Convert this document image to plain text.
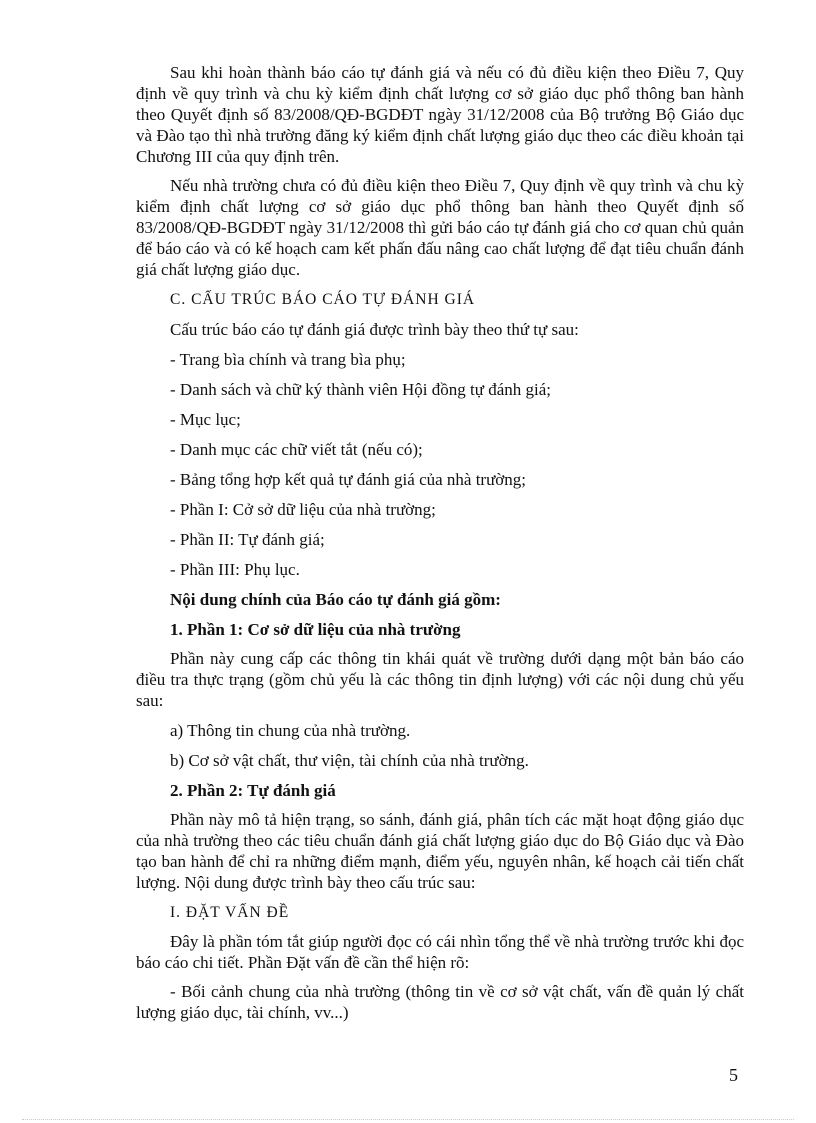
Sau khi hoàn thành báo cáo tự đánh giá và nếu có đủ điều kiện theo Điều 7, Quy định về quy trình và chu kỳ kiểm định chất lượng cơ sở giáo dục phổ thông ban hành theo Quyết định số 83/2008/QĐ-BGDĐT ngày 31/12/2008 của Bộ trưởng Bộ Giáo dục và Đào tạo thì nhà trường đăng ký kiểm định chất lượng giáo dục theo các điều khoản tại Chương III của quy định trên.

Nếu nhà trường chưa có đủ điều kiện theo Điều 7, Quy định về quy trình và chu kỳ kiểm định chất lượng cơ sở giáo dục phổ thông ban hành theo Quyết định số 83/2008/QĐ-BGDĐT ngày 31/12/2008 thì gửi báo cáo tự đánh giá cho cơ quan chủ quản để báo cáo và có kế hoạch cam kết phấn đấu nâng cao chất lượng để đạt tiêu chuẩn đánh giá chất lượng giáo dục.

C. CẤU TRÚC BÁO CÁO TỰ ĐÁNH GIÁ

Cấu trúc báo cáo tự đánh giá được trình bày theo thứ tự sau:

- Trang bìa chính và trang bìa phụ;

- Danh sách và chữ ký thành viên Hội đồng tự đánh giá;

- Mục lục;

- Danh mục các chữ viết tắt (nếu có);

- Bảng tổng hợp kết quả tự đánh giá của nhà trường;

- Phần I: Cở sở dữ liệu của nhà trường;

- Phần II: Tự đánh giá;

- Phần III: Phụ lục.

Nội dung chính của Báo cáo tự đánh giá gồm:

1. Phần 1: Cơ sở dữ liệu của nhà trường

Phần này cung cấp các thông tin khái quát về trường dưới dạng một bản báo cáo điều tra thực trạng (gồm chủ yếu là các thông tin định lượng) với các nội dung chủ yếu sau:

a) Thông tin chung của nhà trường.

b) Cơ sở vật chất, thư viện, tài chính của nhà trường.

2. Phần 2: Tự đánh giá

Phần này mô tả hiện trạng, so sánh, đánh giá, phân tích các mặt hoạt động giáo dục của nhà trường theo các tiêu chuẩn đánh giá chất lượng giáo dục do Bộ Giáo dục và Đào tạo ban hành để chỉ ra những điểm mạnh, điểm yếu, nguyên nhân, kế hoạch cải tiến chất lượng. Nội dung được trình bày theo cấu trúc sau:

I. ĐẶT VẤN ĐỀ

Đây là phần tóm tắt giúp người đọc có cái nhìn tổng thể về nhà trường trước khi đọc báo cáo chi tiết. Phần Đặt vấn đề cần thể hiện rõ:

- Bối cảnh chung của nhà trường (thông tin về cơ sở vật chất, vấn đề quản lý chất lượng giáo dục, tài chính, vv...)

5
